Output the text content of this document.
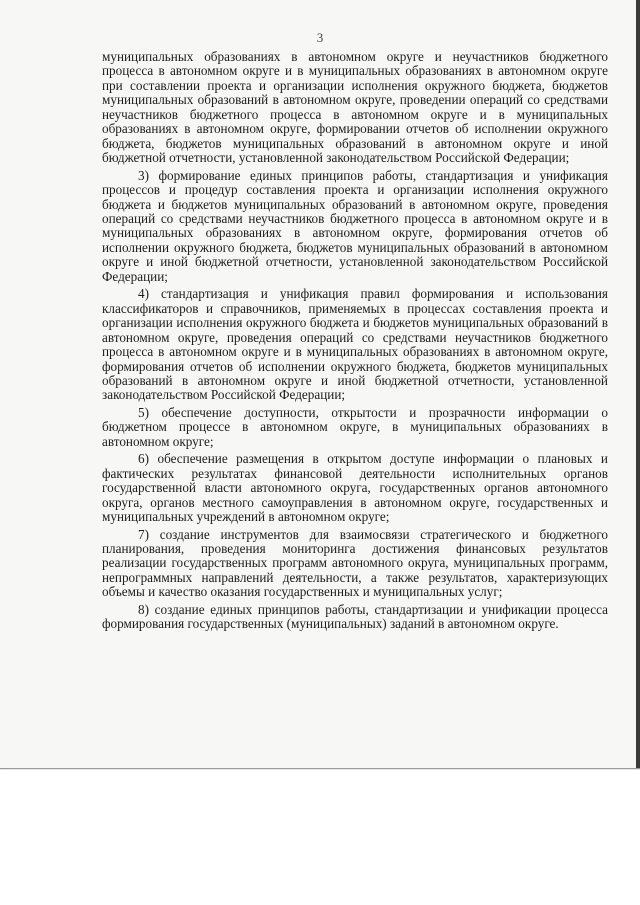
3

муниципальных образованиях в автономном округе и неучастников бюджетного процесса в автономном округе и в муниципальных образованиях в автономном округе при составлении проекта и организации исполнения окружного бюджета, бюджетов муниципальных образований в автономном округе, проведении операций со средствами неучастников бюджетного процесса в автономном округе и в муниципальных образованиях в автономном округе, формировании отчетов об исполнении окружного бюджета, бюджетов муниципальных образований в автономном округе и иной бюджетной отчетности, установленной законодательством Российской Федерации;

3) формирование единых принципов работы, стандартизация и унификация процессов и процедур составления проекта и организации исполнения окружного бюджета и бюджетов муниципальных образований в автономном округе, проведения операций со средствами неучастников бюджетного процесса в автономном округе и в муниципальных образованиях в автономном округе, формирования отчетов об исполнении окружного бюджета, бюджетов муниципальных образований в автономном округе и иной бюджетной отчетности, установленной законодательством Российской Федерации;

4) стандартизация и унификация правил формирования и использования классификаторов и справочников, применяемых в процессах составления проекта и организации исполнения окружного бюджета и бюджетов муниципальных образований в автономном округе, проведения операций со средствами неучастников бюджетного процесса в автономном округе и в муниципальных образованиях в автономном округе, формирования отчетов об исполнении окружного бюджета, бюджетов муниципальных образований в автономном округе и иной бюджетной отчетности, установленной законодательством Российской Федерации;

5) обеспечение доступности, открытости и прозрачности информации о бюджетном процессе в автономном округе, в муниципальных образованиях в автономном округе;

6) обеспечение размещения в открытом доступе информации о плановых и фактических результатах финансовой деятельности исполнительных органов государственной власти автономного округа, государственных органов автономного округа, органов местного самоуправления в автономном округе, государственных и муниципальных учреждений в автономном округе;

7) создание инструментов для взаимосвязи стратегического и бюджетного планирования, проведения мониторинга достижения финансовых результатов реализации государственных программ автономного округа, муниципальных программ, непрограммных направлений деятельности, а также результатов, характеризующих объемы и качество оказания государственных и муниципальных услуг;

8) создание единых принципов работы, стандартизации и унификации процесса формирования государственных (муниципальных) заданий в автономном округе.
